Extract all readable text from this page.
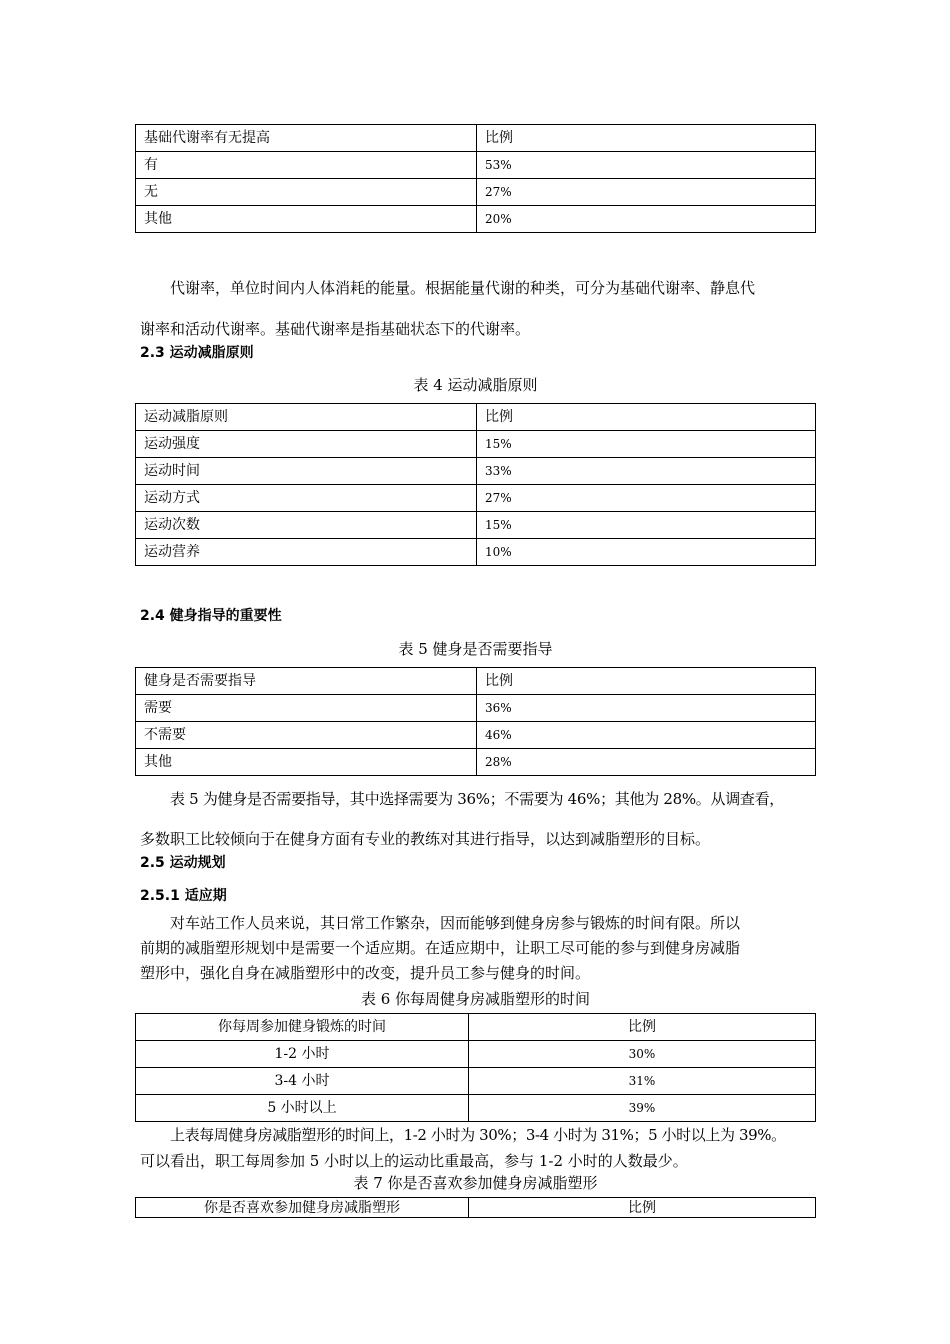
基础代谢率有无提高	比例
有	53%
无	27%
其他	20%

代谢率，单位时间内人体消耗的能量。根据能量代谢的种类，可分为基础代谢率、静息代

谢率和活动代谢率。基础代谢率是指基础状态下的代谢率。

2.3 运动减脂原则
表 4 运动减脂原则
运动减脂原则	比例
运动强度	15%
运动时间	33%
运动方式	27%
运动次数	15%
运动营养	10%
2.4 健身指导的重要性
表 5 健身是否需要指导
健身是否需要指导	比例
需要	36%
不需要	46%
其他	28%

表 5 为健身是否需要指导，其中选择需要为 36%；不需要为 46%；其他为 28%。从调查看，

多数职工比较倾向于在健身方面有专业的教练对其进行指导，以达到减脂塑形的目标。

2.5 运动规划
2.5.1 适应期

对车站工作人员来说，其日常工作繁杂，因而能够到健身房参与锻炼的时间有限。所以

前期的减脂塑形规划中是需要一个适应期。在适应期中，让职工尽可能的参与到健身房减脂

塑形中，强化自身在减脂塑形中的改变，提升员工参与健身的时间。

表 6 你每周健身房减脂塑形的时间
你每周参加健身锻炼的时间	比例
1-2 小时	30%
3-4 小时	31%
5 小时以上	39%

上表每周健身房减脂塑形的时间上，1-2 小时为 30%；3-4 小时为 31%；5 小时以上为 39%。

可以看出，职工每周参加 5 小时以上的运动比重最高，参与 1-2 小时的人数最少。

表 7 你是否喜欢参加健身房减脂塑形
你是否喜欢参加健身房减脂塑形	比例
